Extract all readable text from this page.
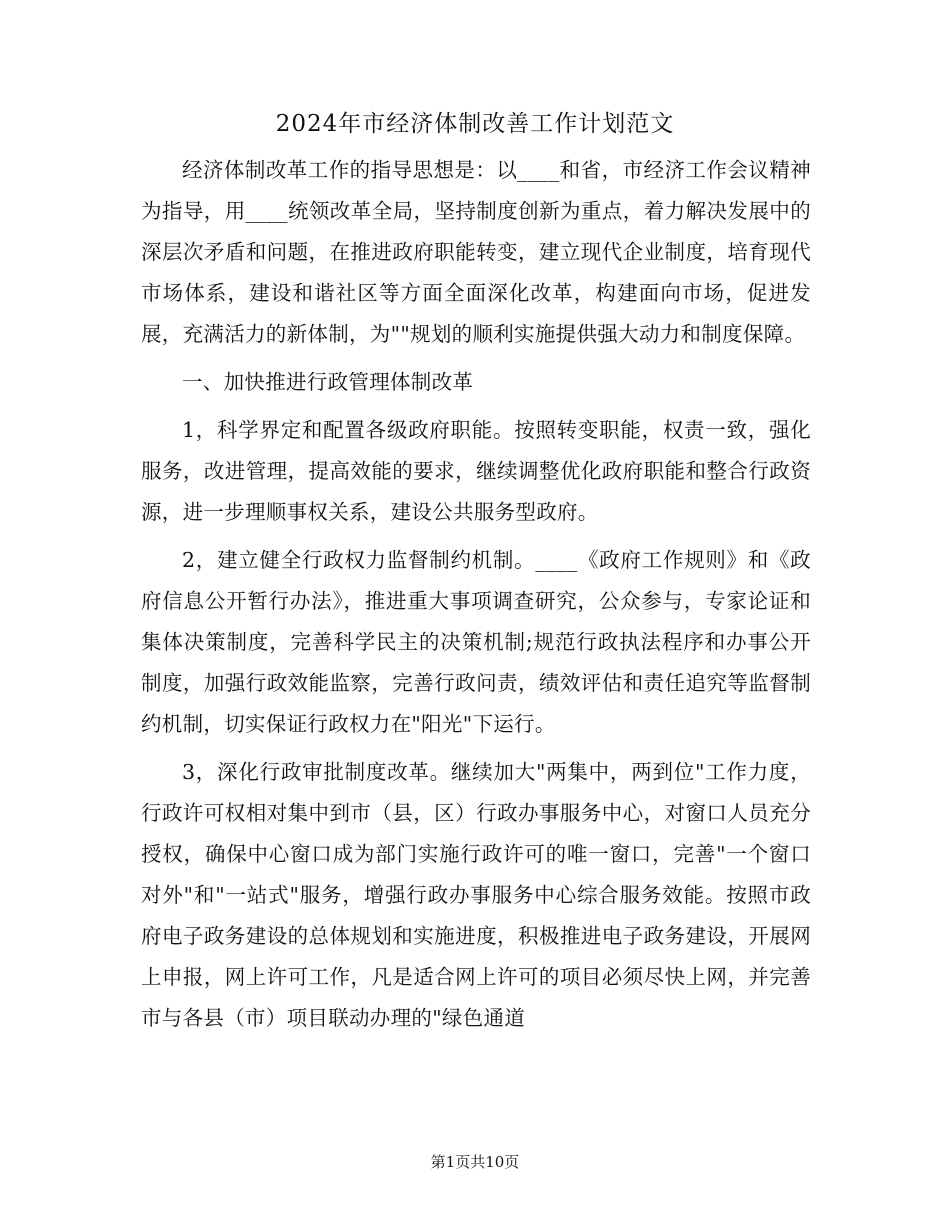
2024年市经济体制改善工作计划范文

经济体制改革工作的指导思想是：以____和省，市经济工作会议精神为指导，用____统领改革全局，坚持制度创新为重点，着力解决发展中的深层次矛盾和问题，在推进政府职能转变，建立现代企业制度，培育现代市场体系，建设和谐社区等方面全面深化改革，构建面向市场，促进发展，充满活力的新体制，为""规划的顺利实施提供强大动力和制度保障。

一、加快推进行政管理体制改革

1，科学界定和配置各级政府职能。按照转变职能，权责一致，强化服务，改进管理，提高效能的要求，继续调整优化政府职能和整合行政资源，进一步理顺事权关系，建设公共服务型政府。

2，建立健全行政权力监督制约机制。____《政府工作规则》和《政府信息公开暂行办法》，推进重大事项调查研究，公众参与，专家论证和集体决策制度，完善科学民主的决策机制;规范行政执法程序和办事公开制度，加强行政效能监察，完善行政问责，绩效评估和责任追究等监督制约机制，切实保证行政权力在"阳光"下运行。

3，深化行政审批制度改革。继续加大"两集中，两到位"工作力度，行政许可权相对集中到市（县，区）行政办事服务中心，对窗口人员充分授权，确保中心窗口成为部门实施行政许可的唯一窗口，完善"一个窗口对外"和"一站式"服务，增强行政办事服务中心综合服务效能。按照市政府电子政务建设的总体规划和实施进度，积极推进电子政务建设，开展网上申报，网上许可工作，凡是适合网上许可的项目必须尽快上网，并完善市与各县（市）项目联动办理的"绿色通道

第1页共10页
